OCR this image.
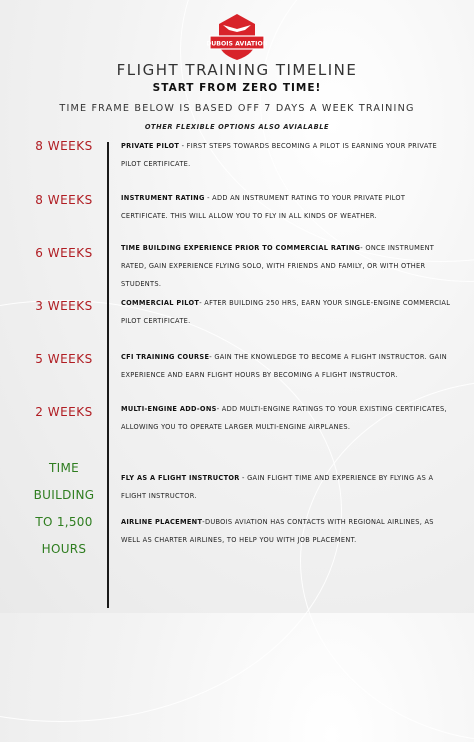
DUBOIS AVIATION
FLIGHT TRAINING TIMELINE
START FROM ZERO TIME!
TIME FRAME BELOW IS BASED OFF 7 DAYS A WEEK TRAINING
OTHER FLEXIBLE OPTIONS ALSO AVIALABLE
8 WEEKS
8 WEEKS
6 WEEKS
3 WEEKS
5 WEEKS
2 WEEKS
TIME
BUILDING
TO 1,500
HOURS
PRIVATE PILOT - FIRST STEPS TOWARDS BECOMING A PILOT IS EARNING YOUR PRIVATE PILOT CERTIFICATE.
INSTRUMENT RATING - ADD AN INSTRUMENT RATING TO YOUR PRIVATE PILOT CERTIFICATE. THIS WILL ALLOW YOU TO FLY IN ALL KINDS OF WEATHER.
TIME BUILDING EXPERIENCE PRIOR TO COMMERCIAL RATING- ONCE INSTRUMENT RATED, GAIN EXPERIENCE FLYING SOLO, WITH FRIENDS AND FAMILY, OR WITH OTHER STUDENTS.
COMMERCIAL PILOT- AFTER BUILDING 250 HRS, EARN YOUR SINGLE-ENGINE COMMERCIAL PILOT CERTIFICATE.
CFI TRAINING COURSE- GAIN THE KNOWLEDGE TO BECOME A FLIGHT INSTRUCTOR. GAIN EXPERIENCE AND EARN FLIGHT HOURS BY BECOMING A FLIGHT INSTRUCTOR.
MULTI-ENGINE ADD-ONS- ADD MULTI-ENGINE RATINGS TO YOUR EXISTING CERTIFICATES, ALLOWING YOU TO OPERATE LARGER MULTI-ENGINE AIRPLANES.
FLY AS A FLIGHT INSTRUCTOR - GAIN FLIGHT TIME AND EXPERIENCE BY FLYING AS A FLIGHT INSTRUCTOR.
AIRLINE PLACEMENT-DUBOIS AVIATION HAS CONTACTS WITH REGIONAL AIRLINES, AS WELL AS CHARTER AIRLINES, TO HELP YOU WITH JOB PLACEMENT.
